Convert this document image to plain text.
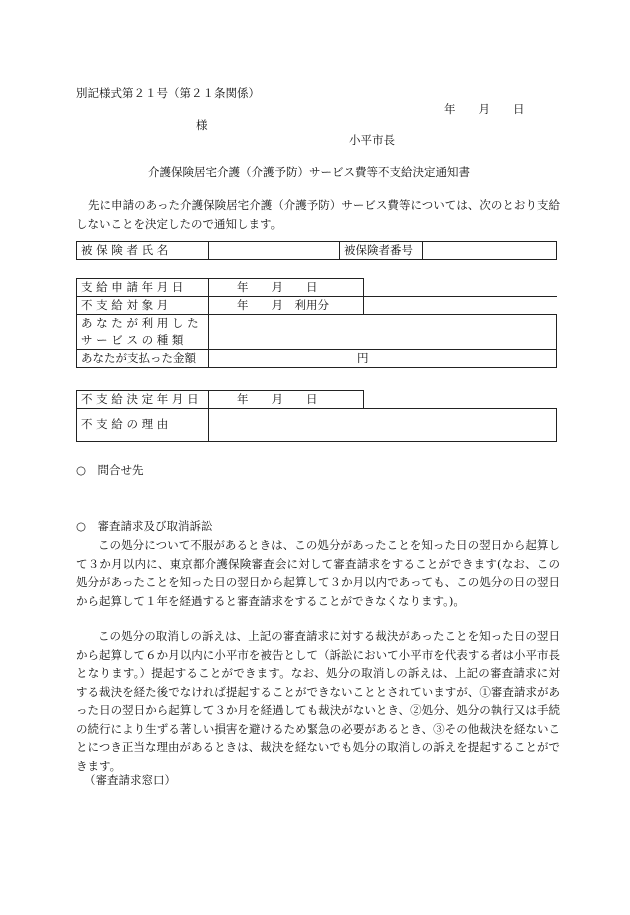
別記様式第２１号（第２１条関係）
年　　月　　日
様
小平市長
介護保険居宅介護（介護予防）サービス費等不支給決定通知書

先に申請のあった介護保険居宅介護（介護予防）サービス費等については、次のとおり支給しないことを決定したので通知します。

被 保 険 者 氏 名		被保険者番号	
支 給 申 請 年 月 日	年　　月　　日	
不 支 給 対 象 月	年　　月　利用分	

あ な た が 利 用 し た
サ ー ビ ス の 種 類		

あなたが支払った金額	円	
不 支 給 決 定 年 月 日	年　　月　　日	
不 支 給 の 理 由		
○　問合せ先
○　審査請求及び取消訴訟

この処分について不服があるときは、この処分があったことを知った日の翌日から起算して３か月以内に、東京都介護保険審査会に対して審査請求をすることができます(なお、この処分があったことを知った日の翌日から起算して３か月以内であっても、この処分の日の翌日から起算して１年を経過すると審査請求をすることができなくなります。)。

この処分の取消しの訴えは、上記の審査請求に対する裁決があったことを知った日の翌日から起算して６か月以内に小平市を被告として（訴訟において小平市を代表する者は小平市長となります。）提起することができます。なお、処分の取消しの訴えは、上記の審査請求に対する裁決を経た後でなければ提起することができないこととされていますが、①審査請求があった日の翌日から起算して３か月を経過しても裁決がないとき、②処分、処分の執行又は手続の続行により生ずる著しい損害を避けるため緊急の必要があるとき、③その他裁決を経ないことにつき正当な理由があるときは、裁決を経ないでも処分の取消しの訴えを提起することができます。

（審査請求窓口）
